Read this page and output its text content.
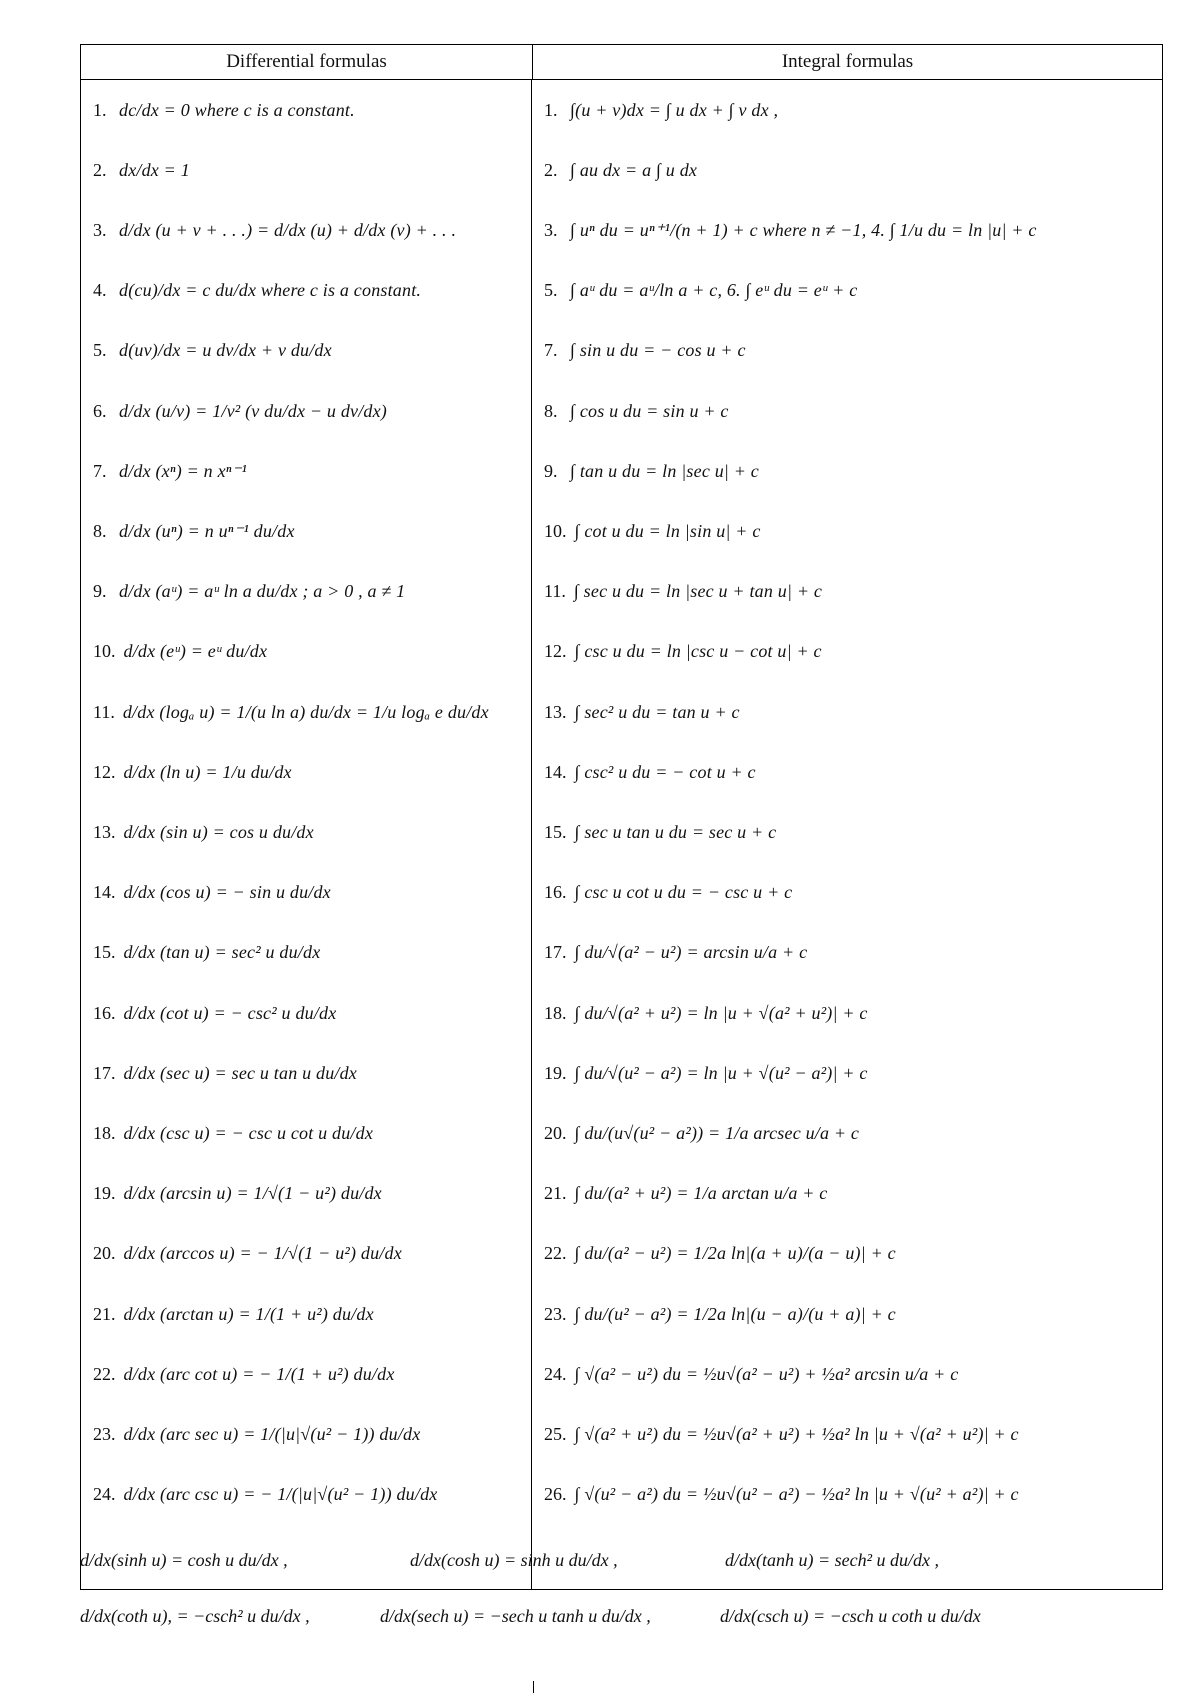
Differential formulas	Integral formulas
1. dc/dx = 0 where c is a constant.
2. dx/dx = 1
3. d/dx (u + v + . . .) = d/dx (u) + d/dx (v) + . . .
4. d(cu)/dx = c du/dx where c is a constant.
5. d(uv)/dx = u dv/dx + v du/dx
6. d/dx (u/v) = 1/v² (v du/dx − u dv/dx)
7. d/dx (xⁿ) = n xⁿ⁻¹
8. d/dx (uⁿ) = n uⁿ⁻¹ du/dx
9. d/dx (aᵘ) = aᵘ ln a du/dx ; a > 0 , a ≠ 1
10. d/dx (eᵘ) = eᵘ du/dx
11. d/dx (logₐ u) = 1/(u ln a) du/dx = 1/u logₐ e du/dx
12. d/dx (ln u) = 1/u du/dx
13. d/dx (sin u) = cos u du/dx
14. d/dx (cos u) = − sin u du/dx
15. d/dx (tan u) = sec² u du/dx
16. d/dx (cot u) = − csc² u du/dx
17. d/dx (sec u) = sec u tan u du/dx
18. d/dx (csc u) = − csc u cot u du/dx
19. d/dx (arcsin u) = 1/√(1 − u²) du/dx
20. d/dx (arccos u) = − 1/√(1 − u²) du/dx
21. d/dx (arctan u) = 1/(1 + u²) du/dx
22. d/dx (arc cot u) = − 1/(1 + u²) du/dx
23. d/dx (arc sec u) = 1/(|u|√(u² − 1)) du/dx
24. d/dx (arc csc u) = − 1/(|u|√(u² − 1)) du/dx
1. ∫(u + v)dx = ∫ u dx + ∫ v dx ,
2. ∫ au dx = a ∫ u dx
3. ∫ uⁿ du = uⁿ⁺¹/(n + 1) + c where n ≠ −1, 4. ∫ 1/u du = ln |u| + c
5. ∫ aᵘ du = aᵘ/ln a + c, 6. ∫ eᵘ du = eᵘ + c
7. ∫ sin u du = − cos u + c
8. ∫ cos u du = sin u + c
9. ∫ tan u du = ln |sec u| + c
10. ∫ cot u du = ln |sin u| + c
11. ∫ sec u du = ln |sec u + tan u| + c
12. ∫ csc u du = ln |csc u − cot u| + c
13. ∫ sec² u du = tan u + c
14. ∫ csc² u du = − cot u + c
15. ∫ sec u tan u du = sec u + c
16. ∫ csc u cot u du = − csc u + c
17. ∫ du/√(a² − u²) = arcsin u/a + c
18. ∫ du/√(a² + u²) = ln |u + √(a² + u²)| + c
19. ∫ du/√(u² − a²) = ln |u + √(u² − a²)| + c
20. ∫ du/(u√(u² − a²)) = 1/a arcsec u/a + c
21. ∫ du/(a² + u²) = 1/a arctan u/a + c
22. ∫ du/(a² − u²) = 1/2a ln|(a + u)/(a − u)| + c
23. ∫ du/(u² − a²) = 1/2a ln|(u − a)/(u + a)| + c
24. ∫ √(a² − u²) du = ½u√(a² − u²) + ½a² arcsin u/a + c
25. ∫ √(a² + u²) du = ½u√(a² + u²) + ½a² ln |u + √(a² + u²)| + c
26. ∫ √(u² − a²) du = ½u√(u² − a²) − ½a² ln |u + √(u² + a²)| + c
d/dx(sinh u) = cosh u du/dx ,	d/dx(cosh u) = sinh u du/dx ,	d/dx(tanh u) = sech² u du/dx ,
d/dx(coth u), = −csch² u du/dx ,	d/dx(sech u) = −sech u tanh u du/dx ,	d/dx(csch u) = −csch u coth u du/dx
